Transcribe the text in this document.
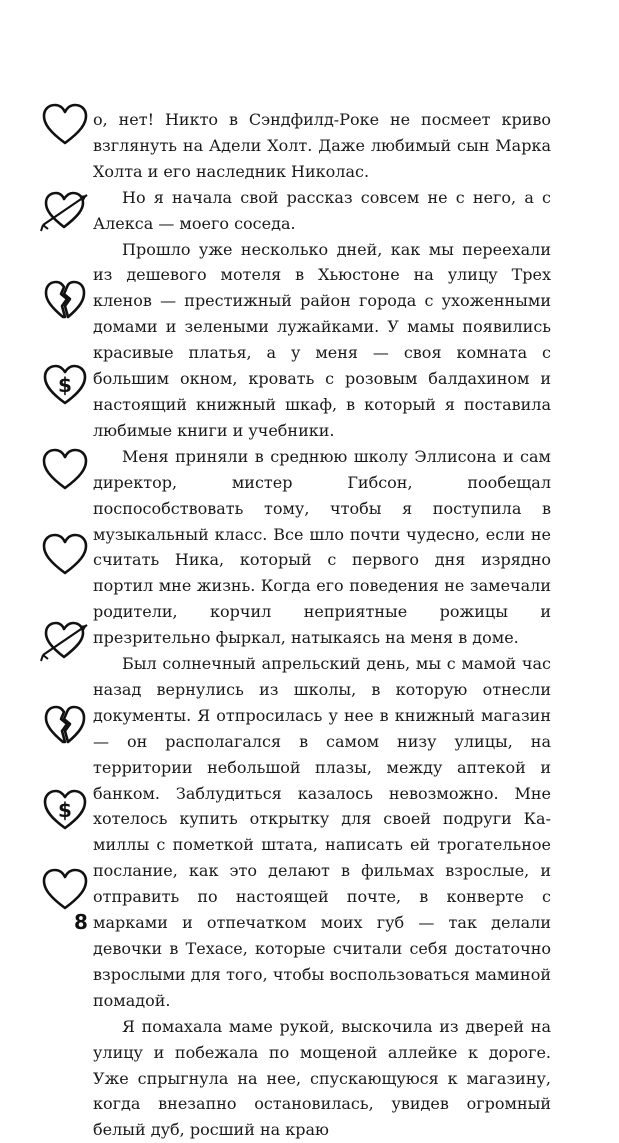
$
$

о, нет! Никто в Сэндфилд-Роке не посмеет криво взглянуть на Адели Холт. Даже любимый сын Марка Холта и его наследник Николас.

Но я начала свой рассказ совсем не с него, а с Алекса — моего соседа.

Прошло уже несколько дней, как мы переехали из дешевого мотеля в Хьюстоне на улицу Трех кленов — престижный район города с ухоженными домами и зелеными лужайками. У мамы появились красивые платья, а у меня — своя комната с большим окном, кровать с розовым балдахином и настоящий книжный шкаф, в который я поставила любимые книги и учебники.

Меня приняли в среднюю школу Эллисона и сам директор, мистер Гибсон, пообещал поспособствовать тому, чтобы я поступила в музыкальный класс. Все шло почти чудесно, если не считать Ника, который с первого дня изрядно портил мне жизнь. Когда его поведения не замечали родители, корчил неприятные рожицы и презрительно фыркал, натыкаясь на меня в доме.

Был солнечный апрельский день, мы с мамой час назад вернулись из школы, в которую отнесли документы. Я отпросилась у нее в книжный магазин — он располагался в самом низу улицы, на территории небольшой плазы, между аптекой и банком. Заблудиться казалось невозможно. Мне хотелось купить открытку для своей подруги Камиллы с пометкой штата, написать ей трогательное послание, как это делают в фильмах взрослые, и отправить по настоящей почте, в конверте с марками и отпечатком моих губ — так делали девочки в Техасе, которые считали себя достаточно взрослыми для того, чтобы воспользоваться маминой помадой.

Я помахала маме рукой, выскочила из дверей на улицу и побежала по мощеной аллейке к дороге. Уже спрыгнула на нее, спускающуюся к магазину, когда внезапно остановилась, увидев огромный белый дуб, росший на краю

8
